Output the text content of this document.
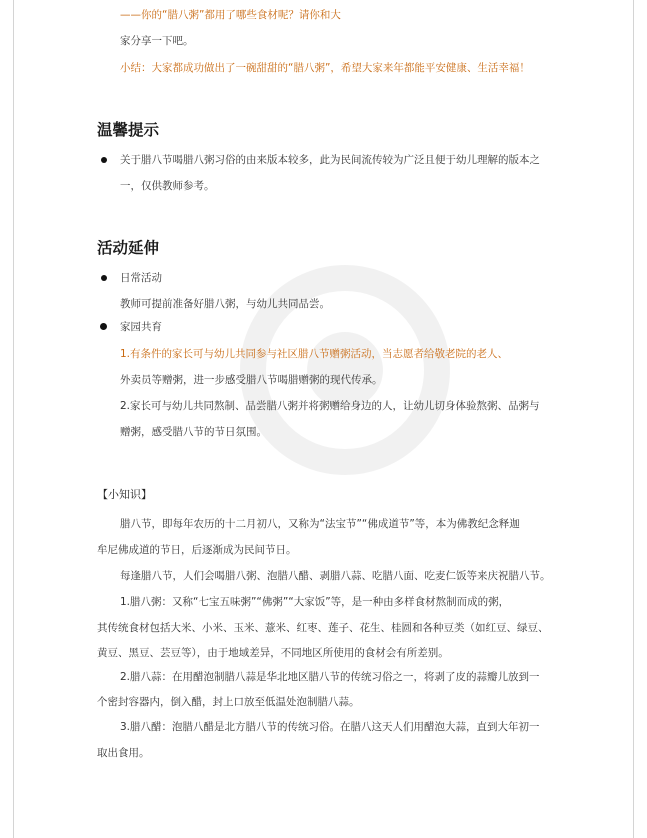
——你的“腊八粥”都用了哪些食材呢？请你和大
家分享一下吧。
小结：大家都成功做出了一碗甜甜的“腊八粥”，希望大家来年都能平安健康、生活幸福！
温馨提示
关于腊八节喝腊八粥习俗的由来版本较多，此为民间流传较为广泛且便于幼儿理解的版本之
一，仅供教师参考。
活动延伸
日常活动
教师可提前准备好腊八粥，与幼儿共同品尝。
家园共育
1.有条件的家长可与幼儿共同参与社区腊八节赠粥活动，当志愿者给敬老院的老人、
外卖员等赠粥，进一步感受腊八节喝腊赠粥的现代传承。
2.家长可与幼儿共同熬制、品尝腊八粥并将粥赠给身边的人，让幼儿切身体验熬粥、品粥与
赠粥，感受腊八节的节日氛围。
【小知识】
腊八节，即每年农历的十二月初八，又称为“法宝节”“佛成道节”等，本为佛教纪念释迦
牟尼佛成道的节日，后逐渐成为民间节日。
每逢腊八节，人们会喝腊八粥、泡腊八醋、剥腊八蒜、吃腊八面、吃麦仁饭等来庆祝腊八节。
1.腊八粥：又称“七宝五味粥”“佛粥”“大家饭”等，是一种由多样食材熬制而成的粥，
其传统食材包括大米、小米、玉米、薏米、红枣、莲子、花生、桂圆和各种豆类（如红豆、绿豆、
黄豆、黑豆、芸豆等），由于地域差异，不同地区所使用的食材会有所差别。
2.腊八蒜：在用醋泡制腊八蒜是华北地区腊八节的传统习俗之一，将剥了皮的蒜瓣儿放到一
个密封容器内，倒入醋，封上口放至低温处泡制腊八蒜。
3.腊八醋：泡腊八醋是北方腊八节的传统习俗。在腊八这天人们用醋泡大蒜，直到大年初一
取出食用。
